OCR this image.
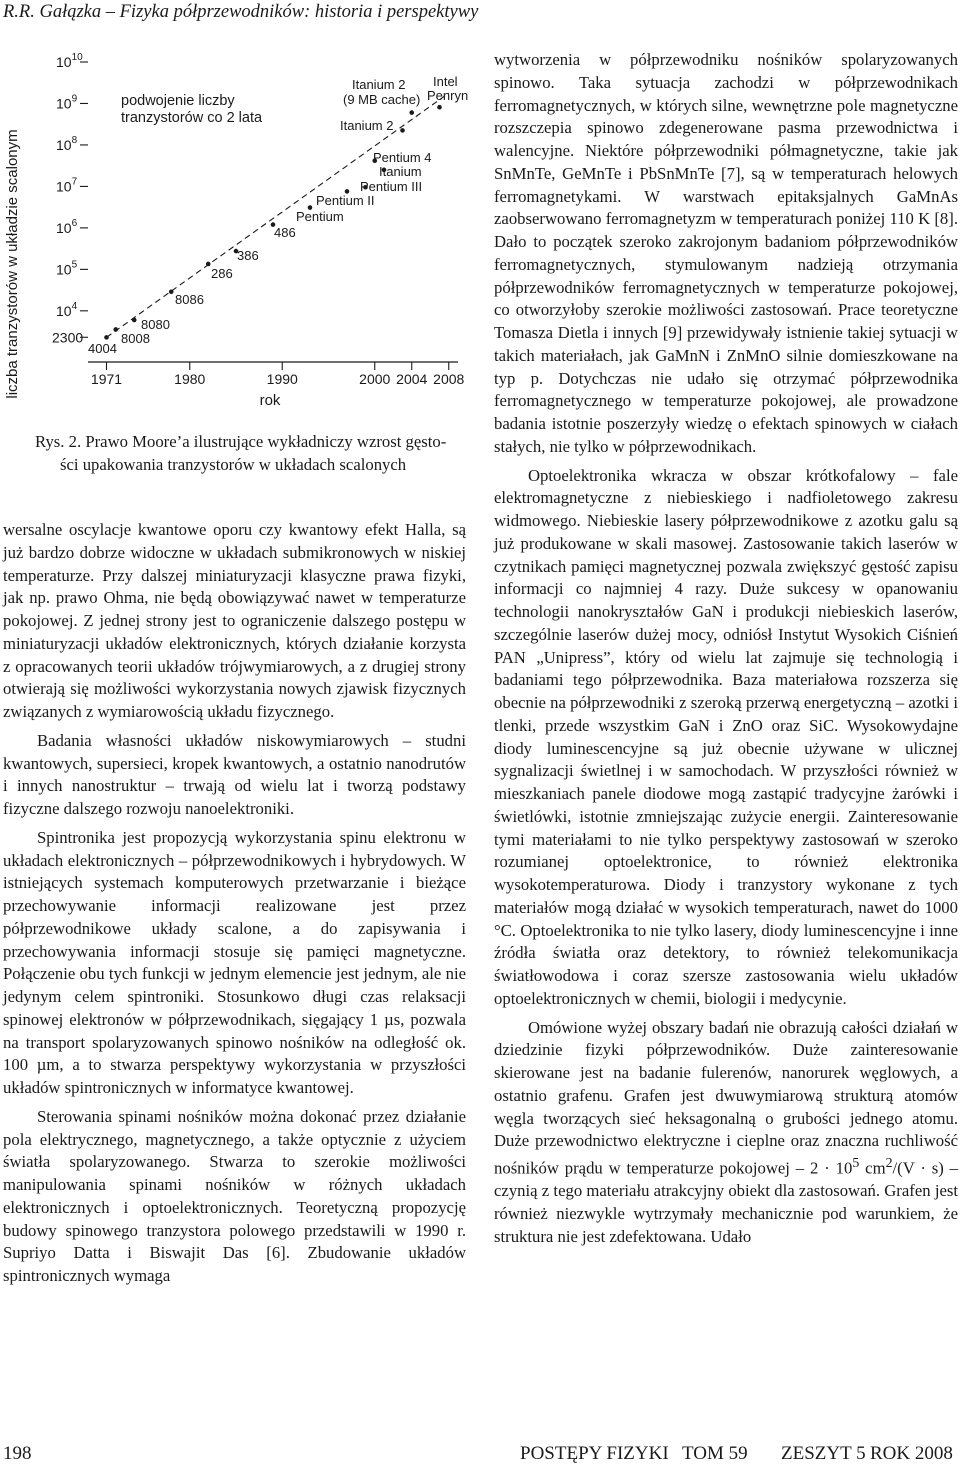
R.R. Gałązka – Fizyka półprzewodników: historia i perspektywy
liczba tranzystorów w układzie scalonym
$10^{10}$
$10^9$
$10^8$
$10^7$
$10^6$
$10^5$
$10^4$
2300
1971	1980	1990	2000 2004 2008
podwojenie liczby
tranzystorów co 2 lata
rok
4004
8008
8080
8086
286
386
486
Pentium
Pentium II
Pentium III
Itanium
Pentium 4
Itanium 2
Itanium 2
(9 MB cache)
Intel
Penryn
Rys. 2. Prawo Moore’a ilustrujące wykładniczy wzrost gęsto-
ści upakowania tranzystorów w układach scalonych

wersalne oscylacje kwantowe oporu czy kwantowy efekt Halla, są już bardzo dobrze widoczne w układach submikronowych w niskiej temperaturze. Przy dalszej miniaturyzacji klasyczne prawa fizyki, jak np. prawo Ohma, nie będą obowiązywać nawet w temperaturze pokojowej. Z jednej strony jest to ograniczenie dalszego postępu w miniaturyzacji układów elektronicznych, których działanie korzysta z opracowanych teorii układów trójwymiarowych, a z drugiej strony otwierają się możliwości wykorzystania nowych zjawisk fizycznych związanych z wymiarowością układu fizycznego.

Badania własności układów niskowymiarowych – studni kwantowych, supersieci, kropek kwantowych, a ostatnio nanodrutów i innych nanostruktur – trwają od wielu lat i tworzą podstawy fizyczne dalszego rozwoju nanoelektroniki.

Spintronika jest propozycją wykorzystania spinu elektronu w układach elektronicznych – półprzewodnikowych i hybrydowych. W istniejących systemach komputerowych przetwarzanie i bieżące przechowywanie informacji realizowane jest przez półprzewodnikowe układy scalone, a do zapisywania i przechowywania informacji stosuje się pamięci magnetyczne. Połączenie obu tych funkcji w jednym elemencie jest jednym, ale nie jedynym celem spintroniki. Stosunkowo długi czas relaksacji spinowej elektronów w półprzewodnikach, sięgający 1 µs, pozwala na transport spolaryzowanych spinowo nośników na odległość ok. 100 µm, a to stwarza perspektywy wykorzystania w przyszłości układów spintronicznych w informatyce kwantowej.

Sterowania spinami nośników można dokonać przez działanie pola elektrycznego, magnetycznego, a także optycznie z użyciem światła spolaryzowanego. Stwarza to szerokie możliwości manipulowania spinami nośników w różnych układach elektronicznych i optoelektronicznych. Teoretyczną propozycję budowy spinowego tranzystora polowego przedstawili w 1990 r. Supriyo Datta i Biswajit Das [6]. Zbudowanie układów spintronicznych wymaga

wytworzenia w półprzewodniku nośników spolaryzowanych spinowo. Taka sytuacja zachodzi w półprzewodnikach ferromagnetycznych, w których silne, wewnętrzne pole magnetyczne rozszczepia spinowo zdegenerowane pasma przewodnictwa i walencyjne. Niektóre półprzewodniki półmagnetyczne, takie jak SnMnTe, GeMnTe i PbSnMnTe [7], są w temperaturach helowych ferromagnetykami. W warstwach epitaksjalnych GaMnAs zaobserwowano ferromagnetyzm w temperaturach poniżej 110 K [8]. Dało to początek szeroko zakrojonym badaniom półprzewodników ferromagnetycznych, stymulowanym nadzieją otrzymania półprzewodników ferromagnetycznych w temperaturze pokojowej, co otworzyłoby szerokie możliwości zastosowań. Prace teoretyczne Tomasza Dietla i innych [9] przewidywały istnienie takiej sytuacji w takich materiałach, jak GaMnN i ZnMnO silnie domieszkowane na typ p. Dotychczas nie udało się otrzymać półprzewodnika ferromagnetycznego w temperaturze pokojowej, ale prowadzone badania istotnie poszerzyły wiedzę o efektach spinowych w ciałach stałych, nie tylko w półprzewodnikach.

Optoelektronika wkracza w obszar krótkofalowy – fale elektromagnetyczne z niebieskiego i nadfioletowego zakresu widmowego. Niebieskie lasery półprzewodnikowe z azotku galu są już produkowane w skali masowej. Zastosowanie takich laserów w czytnikach pamięci magnetycznej pozwala zwiększyć gęstość zapisu informacji co najmniej 4 razy. Duże sukcesy w opanowaniu technologii nanokryształów GaN i produkcji niebieskich laserów, szczególnie laserów dużej mocy, odniósł Instytut Wysokich Ciśnień PAN „Unipress”, który od wielu lat zajmuje się technologią i badaniami tego półprzewodnika. Baza materiałowa rozszerza się obecnie na półprzewodniki z szeroką przerwą energetyczną – azotki i tlenki, przede wszystkim GaN i ZnO oraz SiC. Wysokowydajne diody luminescencyjne są już obecnie używane w ulicznej sygnalizacji świetlnej i w samochodach. W przyszłości również w mieszkaniach panele diodowe mogą zastąpić tradycyjne żarówki i świetlówki, istotnie zmniejszając zużycie energii. Zainteresowanie tymi materiałami to nie tylko perspektywy zastosowań w szeroko rozumianej optoelektronice, to również elektronika wysokotemperaturowa. Diody i tranzystory wykonane z tych materiałów mogą działać w wysokich temperaturach, nawet do 1000 °C. Optoelektronika to nie tylko lasery, diody luminescencyjne i inne źródła światła oraz detektory, to również telekomunikacja światłowodowa i coraz szersze zastosowania wielu układów optoelektronicznych w chemii, biologii i medycynie.

Omówione wyżej obszary badań nie obrazują całości działań w dziedzinie fizyki półprzewodników. Duże zainteresowanie skierowane jest na badanie fulerenów, nanorurek węglowych, a ostatnio grafenu. Grafen jest dwuwymiarową strukturą atomów węgla tworzących sieć heksagonalną o grubości jednego atomu. Duże przewodnictwo elektryczne i cieplne oraz znaczna ruchliwość nośników prądu w temperaturze pokojowej – $2 \cdot 10^5$ $cm^2/(V \cdot s)$ – czynią z tego materiału atrakcyjny obiekt dla zastosowań. Grafen jest również niezwykle wytrzymały mechanicznie pod warunkiem, że struktura nie jest zdefektowana. Udało

198	POSTĘPY FIZYKI TOM 59 ZESZYT 5 ROK 2008
